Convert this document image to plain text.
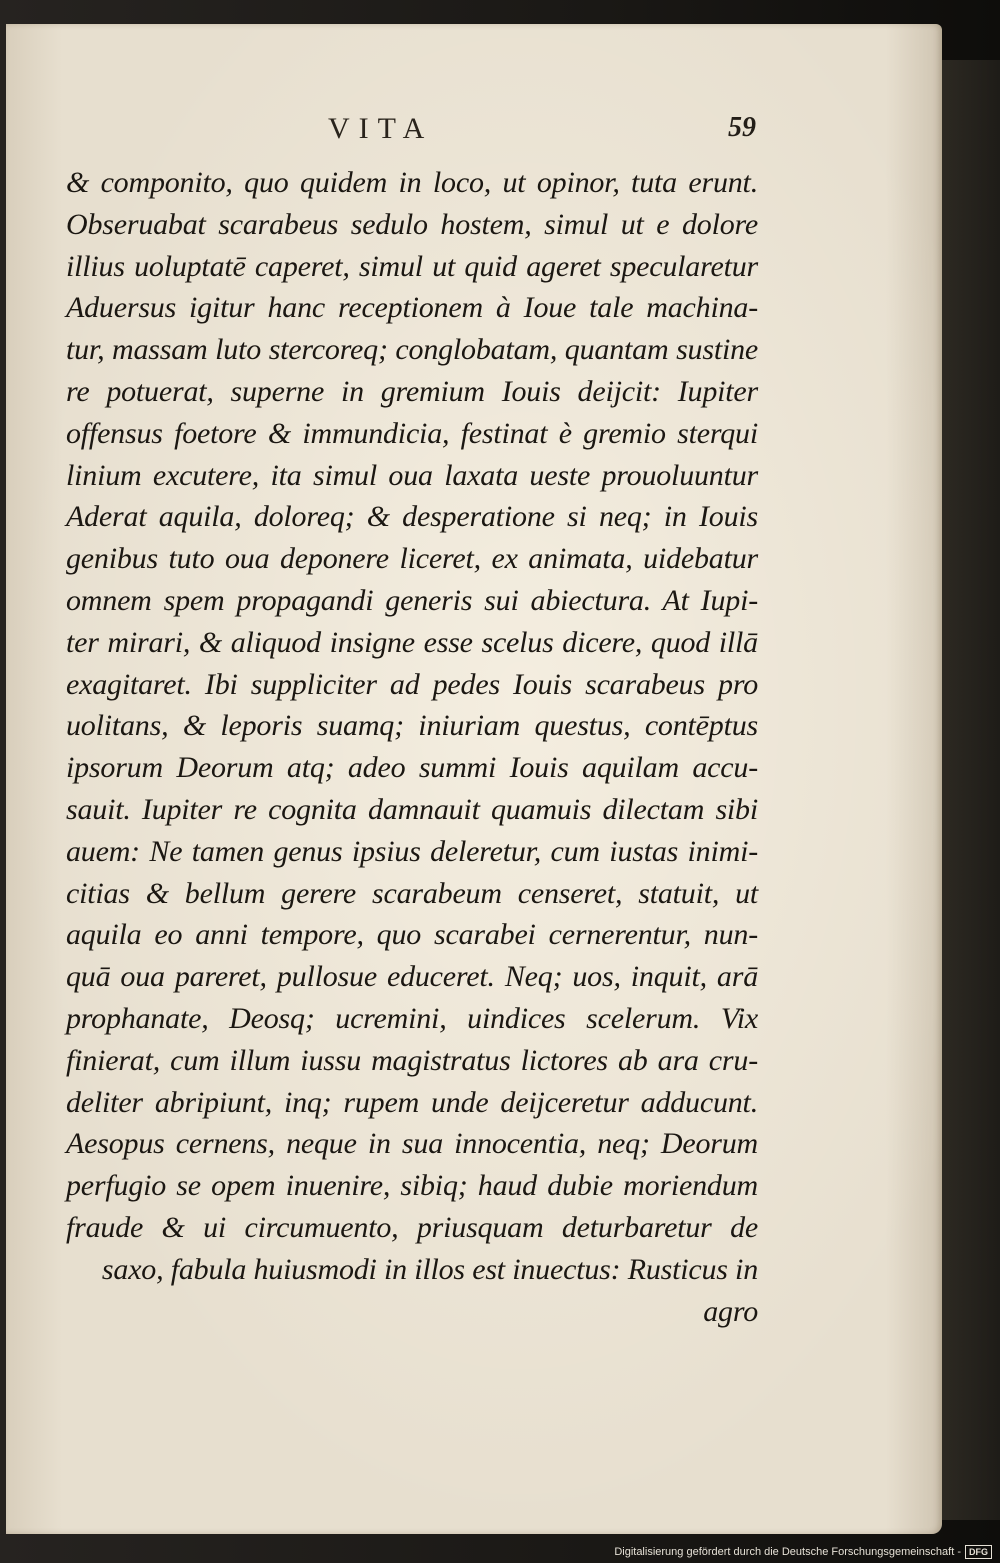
VITA	59
& componito, quo quidem in loco, ut opinor, tuta erunt.
Obseruabat scarabeus sedulo hostem, simul ut e dolore
illius uoluptatē caperet, simul ut quid ageret specularetur
Aduersus igitur hanc receptionem à Ioue tale machina-
tur, massam luto stercoreq; conglobatam, quantam sustine
re potuerat, superne in gremium Iouis deijcit: Iupiter
offensus foetore & immundicia, festinat è gremio sterqui
linium excutere, ita simul oua laxata ueste prouoluuntur
Aderat aquila, doloreq; & desperatione si neq; in Iouis
genibus tuto oua deponere liceret, ex animata, uidebatur
omnem spem propagandi generis sui abiectura. At Iupi-
ter mirari, & aliquod insigne esse scelus dicere, quod illā
exagitaret. Ibi suppliciter ad pedes Iouis scarabeus pro
uolitans, & leporis suamq; iniuriam questus, contēptus
ipsorum Deorum atq; adeo summi Iouis aquilam accu-
sauit. Iupiter re cognita damnauit quamuis dilectam sibi
auem: Ne tamen genus ipsius deleretur, cum iustas inimi-
citias & bellum gerere scarabeum censeret, statuit, ut
aquila eo anni tempore, quo scarabei cernerentur, nun-
quā oua pareret, pullosue educeret. Neq; uos, inquit, arā
prophanate, Deosq; ucremini, uindices scelerum. Vix
finierat, cum illum iussu magistratus lictores ab ara cru-
deliter abripiunt, inq; rupem unde deijceretur adducunt.
Aesopus cernens, neque in sua innocentia, neq; Deorum
perfugio se opem inuenire, sibiq; haud dubie moriendum
fraude & ui circumuento, priusquam deturbaretur de
saxo, fabula huiusmodi in illos est inuectus: Rusticus in
agro
Digitalisierung gefördert durch die Deutsche Forschungsgemeinschaft - DFG
